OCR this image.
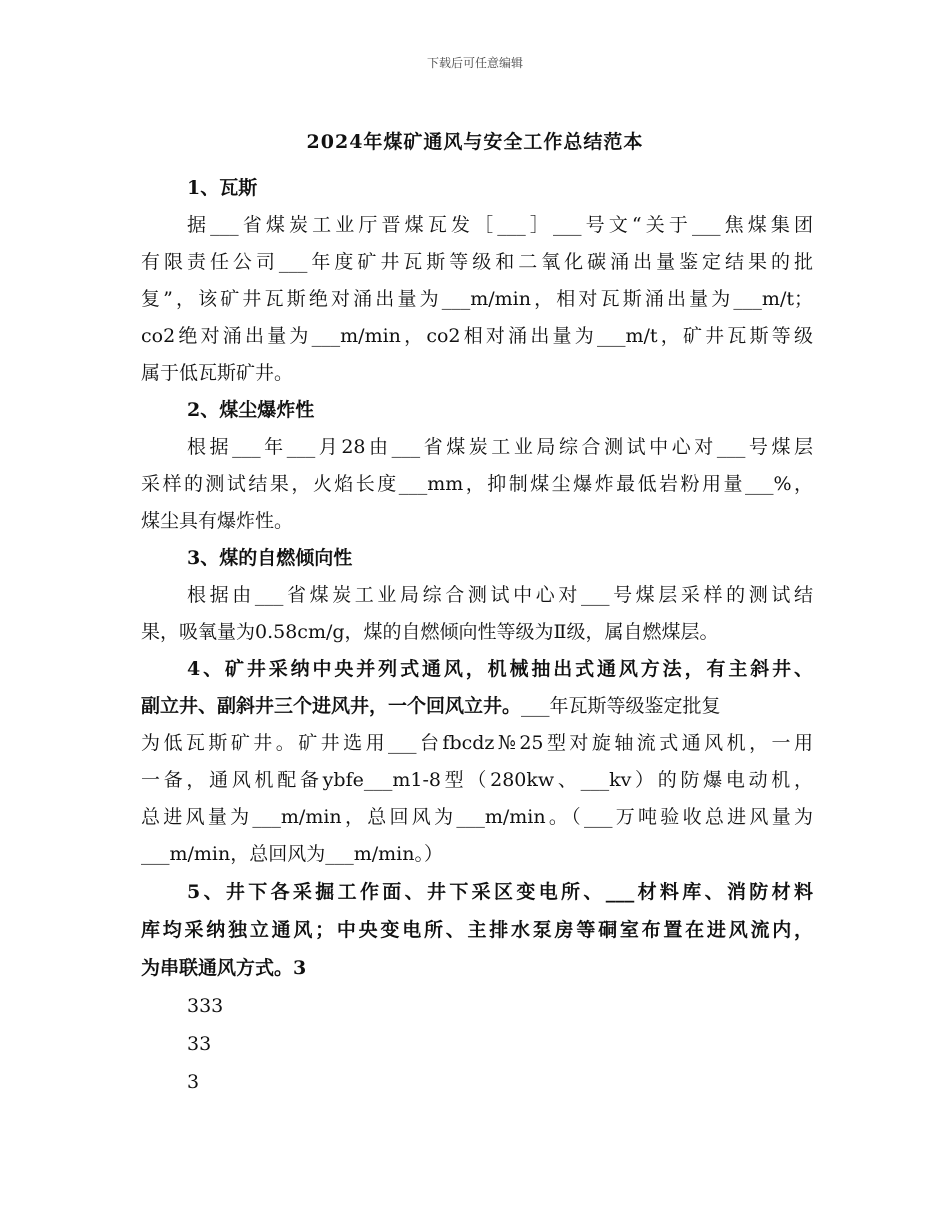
下载后可任意编辑
2024年煤矿通风与安全工作总结范本
1、瓦斯
据___省煤炭工业厅晋煤瓦发［___］___号文“关于___焦煤集团
有限责任公司___年度矿井瓦斯等级和二氧化碳涌出量鉴定结果的批
复”，该矿井瓦斯绝对涌出量为___m/min，相对瓦斯涌出量为___m/t；
co2绝对涌出量为___m/min，co2相对涌出量为___m/t，矿井瓦斯等级
属于低瓦斯矿井。
2、煤尘爆炸性
根据___年___月28由___省煤炭工业局综合测试中心对___号煤层
采样的测试结果，火焰长度___mm，抑制煤尘爆炸最低岩粉用量___%，
煤尘具有爆炸性。
3、煤的自燃倾向性
根据由___省煤炭工业局综合测试中心对___号煤层采样的测试结
果，吸氧量为0.58cm/g，煤的自燃倾向性等级为Ⅱ级，属自燃煤层。
4、矿井采纳中央并列式通风，机械抽出式通风方法，有主斜井、
副立井、副斜井三个进风井，一个回风立井。___年瓦斯等级鉴定批复
为低瓦斯矿井。矿井选用___台fbcdz№25型对旋轴流式通风机，一用
一备，通风机配备ybfe___m1-8型（280kw、___kv）的防爆电动机，
总进风量为___m/min，总回风为___m/min。（___万吨验收总进风量为
___m/min，总回风为___m/min。）
5、井下各采掘工作面、井下采区变电所、___材料库、消防材料
库均采纳独立通风；中央变电所、主排水泵房等硐室布置在进风流内，
为串联通风方式。3
333
33
3
